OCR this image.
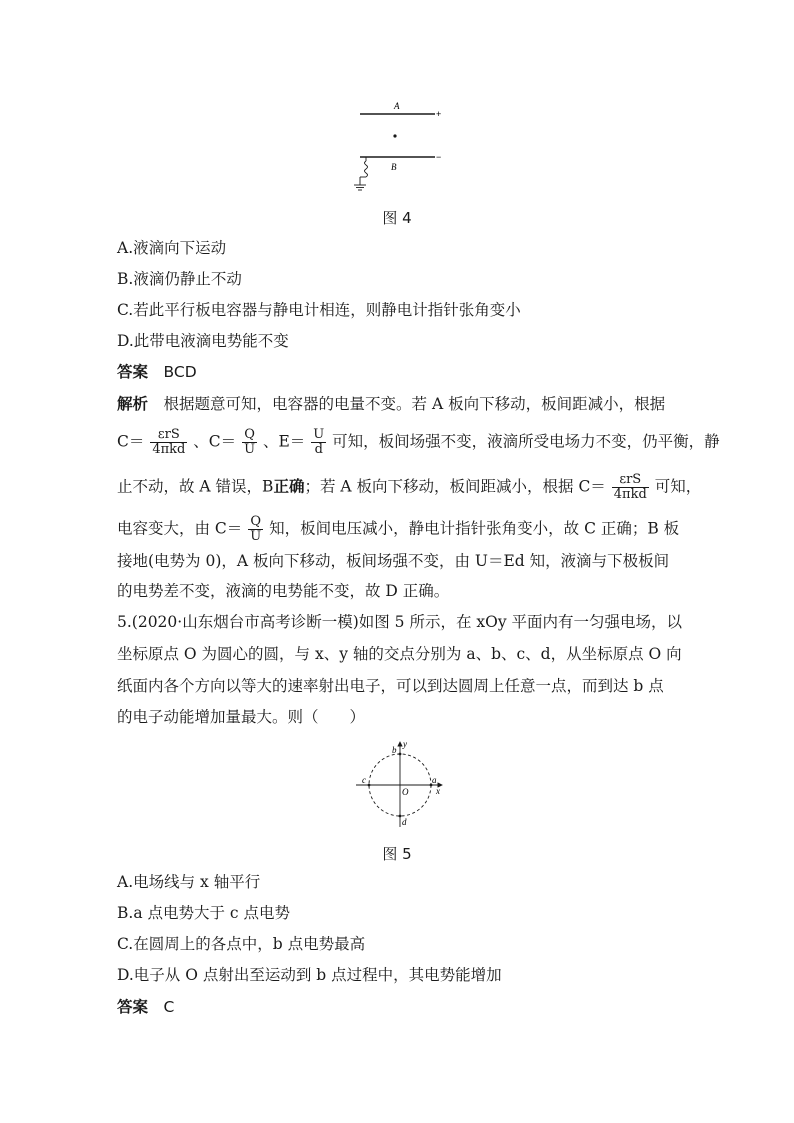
A
+
B
−
图 4
A.液滴向下运动
B.液滴仍静止不动
C.若此平行板电容器与静电计相连，则静电计指针张角变小
D.此带电液滴电势能不变
答案　 BCD
解析　 根据题意可知，电容器的电量不变。若 A 板向下移动，板间距减小，根据
$C= \frac{\text{εrS}}{\text{4πkd}}$ 、$C= \frac{Q}{U}$ 、$E= \frac{U}{d}$ 可知，板间场强不变，液滴所受电场力不变，仍平衡，静
止不动，故 A 错误，B正确；若 A 板向下移动，板间距减小，根据 $C= \frac{\text{εrS}}{\text{4πkd}}$ 可知，
电容变大，由 $C= \frac{Q}{U}$ 知，板间电压减小，静电计指针张角变小，故 C 正确；B 板
接地(电势为 0)，A 板向下移动，板间场强不变，由 U＝Ed 知，液滴与下极板间
的电势差不变，液滴的电势能不变，故 D 正确。
5.(2020·山东烟台市高考诊断一模)如图 5 所示，在 xOy 平面内有一匀强电场，以
坐标原点 O 为圆心的圆，与 x、y 轴的交点分别为 a、b、c、d，从坐标原点 O 向
纸面内各个方向以等大的速率射出电子，可以到达圆周上任意一点，而到达 b 点
的电子动能增加量最大。则（　　）
y
x
b
a
c
O
d
图 5
A.电场线与 x 轴平行
B.a 点电势大于 c 点电势
C.在圆周上的各点中，b 点电势最高
D.电子从 O 点射出至运动到 b 点过程中，其电势能增加
答案　 C
